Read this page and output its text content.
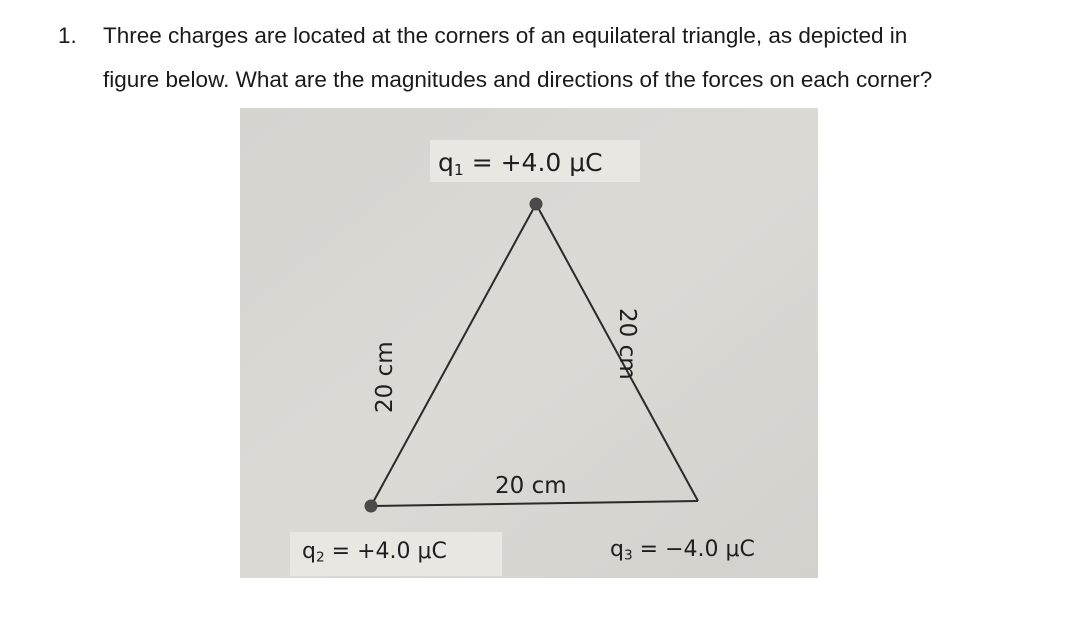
1. Three charges are located at the corners of an equilateral triangle, as depicted in
figure below. What are the magnitudes and directions of the forces on each corner?
$q_1 = +4.0$ μC
$q_2 = +4.0$ μC	$q_3 = -4.0$ μC
20 cm
20 cm	20 cm
